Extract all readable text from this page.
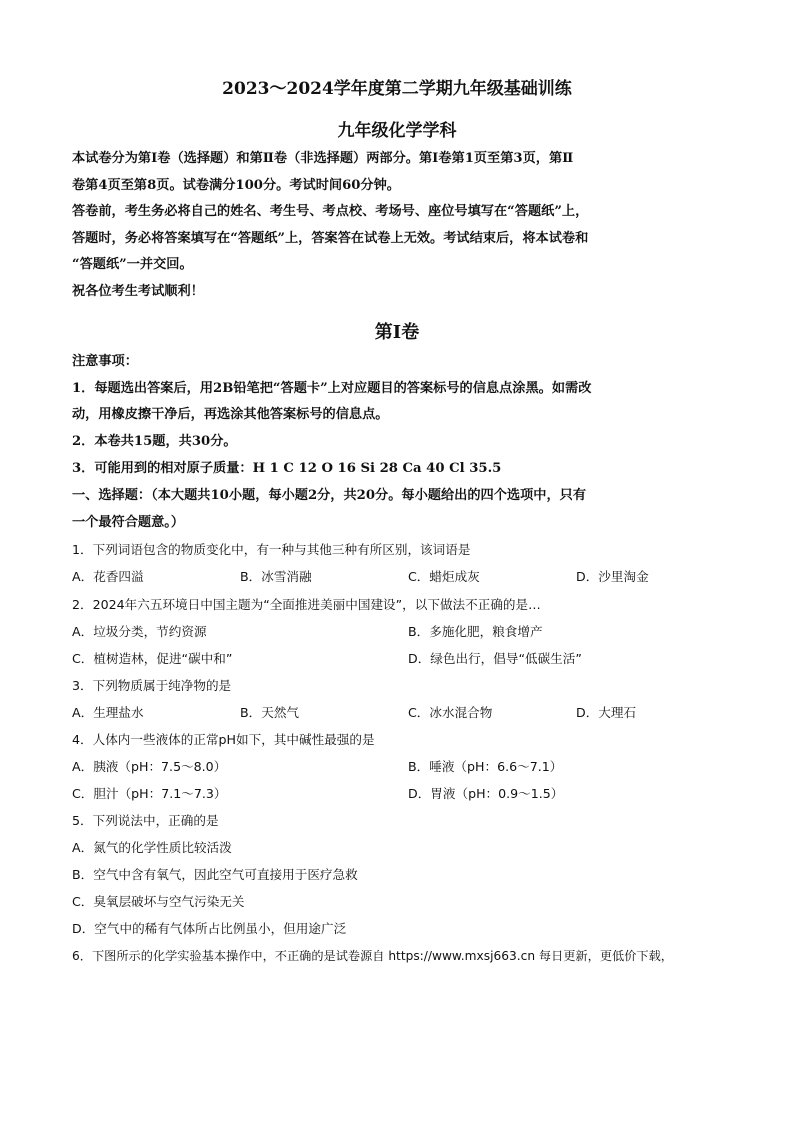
2023～2024学年度第二学期九年级基础训练
九年级化学学科
本试卷分为第Ⅰ卷（选择题）和第Ⅱ卷（非选择题）两部分。第Ⅰ卷第1页至第3页，第Ⅱ
卷第4页至第8页。试卷满分100分。考试时间60分钟。
答卷前，考生务必将自己的姓名、考生号、考点校、考场号、座位号填写在“答题纸”上，
答题时，务必将答案填写在“答题纸”上，答案答在试卷上无效。考试结束后，将本试卷和
“答题纸”一并交回。
祝各位考生考试顺利！
第Ⅰ卷
注意事项：
1．每题选出答案后，用2B铅笔把“答题卡”上对应题目的答案标号的信息点涂黑。如需改
动，用橡皮擦干净后，再选涂其他答案标号的信息点。
2．本卷共15题，共30分。
3．可能用到的相对原子质量：H 1 C 12 O 16 Si 28 Ca 40 Cl 35.5
一、选择题：（本大题共10小题，每小题2分，共20分。每小题给出的四个选项中，只有
一个最符合题意。）
1．下列词语包含的物质变化中，有一种与其他三种有所区别，该词语是
A．花香四溢	B．冰雪消融	C．蜡炬成灰	D．沙里淘金
2．2024年六五环境日中国主题为“全面推进美丽中国建设”，以下做法不正确的是…
A．垃圾分类，节约资源	B．多施化肥，粮食增产
C．植树造林，促进“碳中和”	D．绿色出行，倡导“低碳生活”
3．下列物质属于纯净物的是
A．生理盐水	B．天然气	C．冰水混合物	D．大理石
4．人体内一些液体的正常pH如下，其中碱性最强的是
A．胰液（pH：7.5～8.0）	B．唾液（pH：6.6～7.1）
C．胆汁（pH：7.1～7.3）	D．胃液（pH：0.9～1.5）
5．下列说法中，正确的是
A．氮气的化学性质比较活泼
B．空气中含有氧气，因此空气可直接用于医疗急救
C．臭氧层破坏与空气污染无关
D．空气中的稀有气体所占比例虽小，但用途广泛
6．下图所示的化学实验基本操作中，不正确的是试卷源自 https://www.mxsj663.cn 每日更新，更低价下载，
